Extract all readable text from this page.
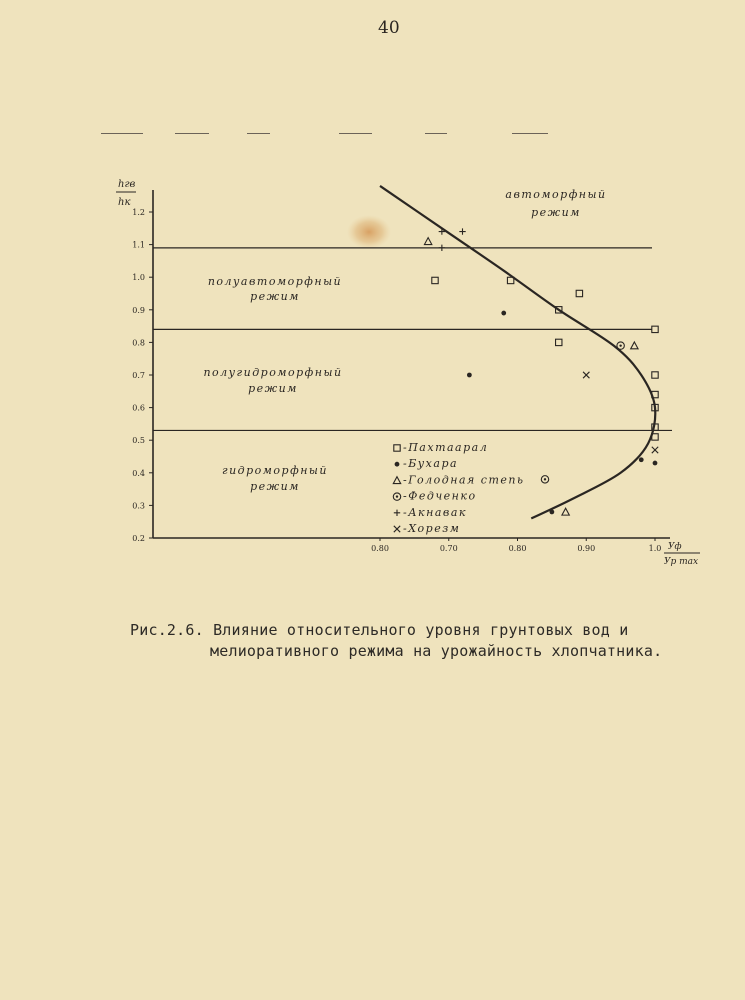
40
1.2
1.1
1.0
0.9
0.8
0.7
0.6
0.5
0.4
0.3
0.2
0.80	0.70	0.80	0.90	1.0
hгв
hк
Уф
Ур max
автоморфный
режим
полуавтоморфный
режим
полугидроморфный
режим
гидроморфный
режим
-Пахтаарал
-Бухара
-Голодная степь
-Федченко
-Акнавак
-Хорезм
Рис.2.6. Влияние относительного уровня грунтовых вод и
мелиоративного режима на урожайность хлопчатника.
